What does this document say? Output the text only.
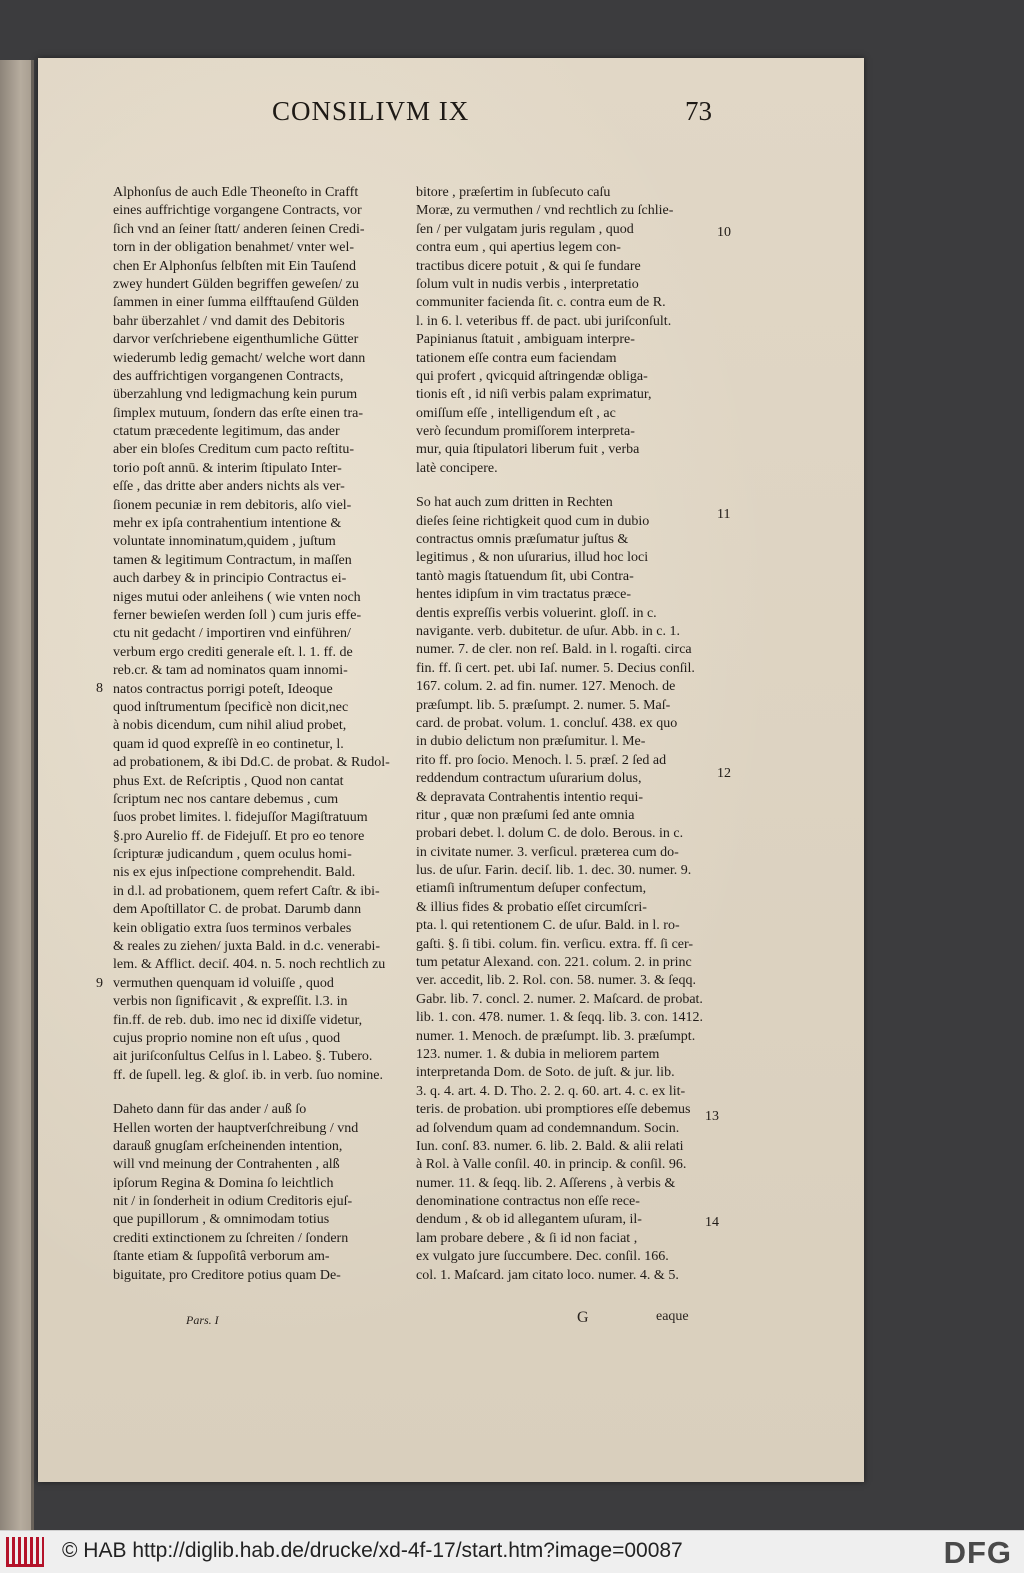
CONSILIVM IX	73
Alphonſus de auch Edle Theoneſto in Crafft
eines auffrichtige vorgangene Contracts, vor
ſich vnd an ſeiner ſtatt/ anderen ſeinen Credi-
torn in der obligation benahmet/ vnter wel-
chen Er Alphonſus ſelbſten mit Ein Tauſend
zwey hundert Gülden begriffen geweſen/ zu
ſammen in einer ſumma eilfftauſend Gülden
bahr überzahlet / vnd damit des Debitoris
darvor verſchriebene eigenthumliche Gütter
wiederumb ledig gemacht/ welche wort dann
des auffrichtigen vorgangenen Contracts,
überzahlung vnd ledigmachung kein purum
ſimplex mutuum, ſondern das erſte einen tra-
ctatum præcedente legitimum, das ander
aber ein bloſes Creditum cum pacto reſtitu-
torio poſt annū. & interim ſtipulato Inter-
eſſe , das dritte aber anders nichts als ver-
ſionem pecuniæ in rem debitoris, alſo viel-
mehr ex ipſa contrahentium intentione &
voluntate innominatum,quidem , juſtum
tamen & legitimum Contractum, in maſſen
auch darbey & in principio Contractus ei-
niges mutui oder anleihens ( wie vnten noch
ferner bewieſen werden ſoll ) cum juris effe-
ctu nit gedacht / importiren vnd einführen/
verbum ergo crediti generale eſt. l. 1. ff. de
reb.cr. & tam ad nominatos quam innomi-
natos contractus porrigi poteſt, Ideoque
quod inſtrumentum ſpecificè non dicit,nec
à nobis dicendum, cum nihil aliud probet,
quam id quod expreſſè in eo continetur, l.
ad probationem, & ibi Dd.C. de probat. & Rudol-
phus Ext. de Reſcriptis , Quod non cantat
ſcriptum nec nos cantare debemus , cum
ſuos probet limites. l. fidejuſſor Magiſtratuum
§.pro Aurelio ff. de Fidejuſſ. Et pro eo tenore
ſcripturæ judicandum , quem oculus homi-
nis ex ejus inſpectione comprehendit. Bald.
in d.l. ad probationem, quem refert Caſtr. & ibi-
dem Apoſtillator C. de probat. Darumb dann
kein obligatio extra ſuos terminos verbales
& reales zu ziehen/ juxta Bald. in d.c. venerabi-
lem. & Afflict. deciſ. 404. n. 5. noch rechtlich zu
vermuthen quenquam id voluiſſe , quod
verbis non ſignificavit , & expreſſit. l.3. in
fin.ff. de reb. dub. imo nec id dixiſſe videtur,
cujus proprio nomine non eſt uſus , quod
ait juriſconſultus Celſus in l. Labeo. §. Tubero.
ff. de ſupell. leg. & gloſ. ib. in verb. ſuo nomine.
Daheto dann für das ander / auß ſo
Hellen worten der hauptverſchreibung / vnd
darauß gnugſam erſcheinenden intention,
will vnd meinung der Contrahenten , alß
ipſorum Regina & Domina ſo leichtlich
nit / in ſonderheit in odium Creditoris ejuſ-
que pupillorum , & omnimodam totius
crediti extinctionem zu ſchreiten / ſondern
ſtante etiam & ſuppoſitâ verborum am-
biguitate, pro Creditore potius quam De-
bitore , præſertim in ſubſecuto caſu
Moræ, zu vermuthen / vnd rechtlich zu ſchlie-
ſen / per vulgatam juris regulam , quod
contra eum , qui apertius legem con-
tractibus dicere potuit , & qui ſe fundare
ſolum vult in nudis verbis , interpretatio
communiter facienda ſit. c. contra eum de R.
l. in 6. l. veteribus ff. de pact. ubi juriſconſult.
Papinianus ſtatuit , ambiguam interpre-
tationem eſſe contra eum faciendam
qui profert , qvicquid aſtringendæ obliga-
tionis eſt , id niſi verbis palam exprimatur,
omiſſum eſſe , intelligendum eſt , ac
verò ſecundum promiſſorem interpreta-
mur, quia ſtipulatori liberum fuit , verba
latè concipere.
So hat auch zum dritten in Rechten
dieſes ſeine richtigkeit quod cum in dubio
contractus omnis præſumatur juſtus &
legitimus , & non uſurarius, illud hoc loci
tantò magis ſtatuendum ſit, ubi Contra-
hentes idipſum in vim tractatus præce-
dentis expreſſis verbis voluerint. gloſſ. in c.
navigante. verb. dubitetur. de uſur. Abb. in c. 1.
numer. 7. de cler. non reſ. Bald. in l. rogaſti. circa
fin. ff. ſi cert. pet. ubi Iaſ. numer. 5. Decius conſil.
167. colum. 2. ad fin. numer. 127. Menoch. de
præſumpt. lib. 5. præſumpt. 2. numer. 5. Maſ-
card. de probat. volum. 1. concluſ. 438. ex quo
in dubio delictum non præſumitur. l. Me-
rito ff. pro ſocio. Menoch. l. 5. præſ. 2 ſed ad
reddendum contractum uſurarium dolus,
& depravata Contrahentis intentio requi-
ritur , quæ non præſumi ſed ante omnia
probari debet. l. dolum C. de dolo. Berous. in c.
in civitate numer. 3. verſicul. præterea cum do-
lus. de uſur. Farin. deciſ. lib. 1. dec. 30. numer. 9.
etiamſi inſtrumentum deſuper confectum,
& illius fides & probatio eſſet circumſcri-
pta. l. qui retentionem C. de uſur. Bald. in l. ro-
gaſti. §. ſi tibi. colum. fin. verſicu. extra. ff. ſi cer-
tum petatur Alexand. con. 221. colum. 2. in princ
ver. accedit, lib. 2. Rol. con. 58. numer. 3. & ſeqq.
Gabr. lib. 7. concl. 2. numer. 2. Maſcard. de probat.
lib. 1. con. 478. numer. 1. & ſeqq. lib. 3. con. 1412.
numer. 1. Menoch. de præſumpt. lib. 3. præſumpt.
123. numer. 1. & dubia in meliorem partem
interpretanda Dom. de Soto. de juſt. & jur. lib.
3. q. 4. art. 4. D. Tho. 2. 2. q. 60. art. 4. c. ex lit-
teris. de probation. ubi promptiores eſſe debemus
ad ſolvendum quam ad condemnandum. Socin.
Iun. conſ. 83. numer. 6. lib. 2. Bald. & alii relati
à Rol. à Valle conſil. 40. in princip. & conſil. 96.
numer. 11. & ſeqq. lib. 2. Aſſerens , à verbis &
denominatione contractus non eſſe rece-
dendum , & ob id allegantem uſuram, il-
lam probare debere , & ſi id non faciat ,
ex vulgato jure ſuccumbere. Dec. conſil. 166.
col. 1. Maſcard. jam citato loco. numer. 4. & 5.
8
9
10
11
12
13
14
Pars. I	G	eaque
© HAB http://diglib.hab.de/drucke/xd-4f-17/start.htm?image=00087	DFG
